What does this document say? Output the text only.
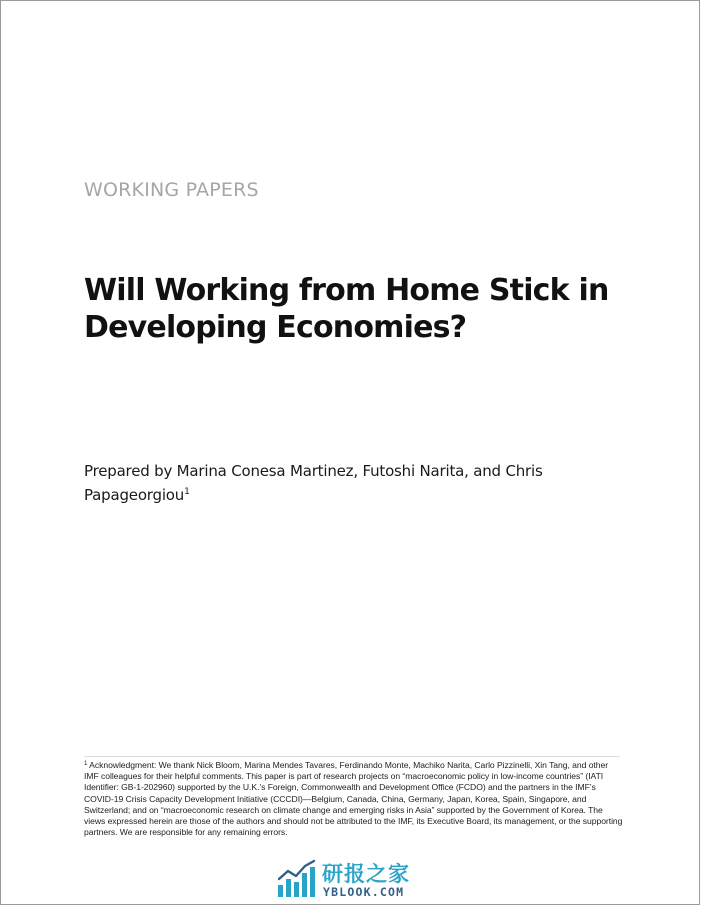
WORKING PAPERS
Will Working from Home Stick in
Developing Economies?
Prepared by Marina Conesa Martinez, Futoshi Narita, and Chris
Papageorgiou$^1$
$^1$ Acknowledgment: We thank Nick Bloom, Marina Mendes Tavares, Ferdinando Monte, Machiko Narita, Carlo Pizzinelli, Xin Tang, and other IMF colleagues for their helpful comments. This paper is part of research projects on “macroeconomic policy in low-income countries” (IATI Identifier: GB-1-202960) supported by the U.K.’s Foreign, Commonwealth and Development Office (FCDO) and the partners in the IMF’s COVID-19 Crisis Capacity Development Initiative (CCCDI)—Belgium, Canada, China, Germany, Japan, Korea, Spain, Singapore, and Switzerland; and on “macroeconomic research on climate change and emerging risks in Asia” supported by the Government of Korea. The views expressed herein are those of the authors and should not be attributed to the IMF, its Executive Board, its management, or the supporting partners. We are responsible for any remaining errors.
研报之家
YBLOOK.COM
